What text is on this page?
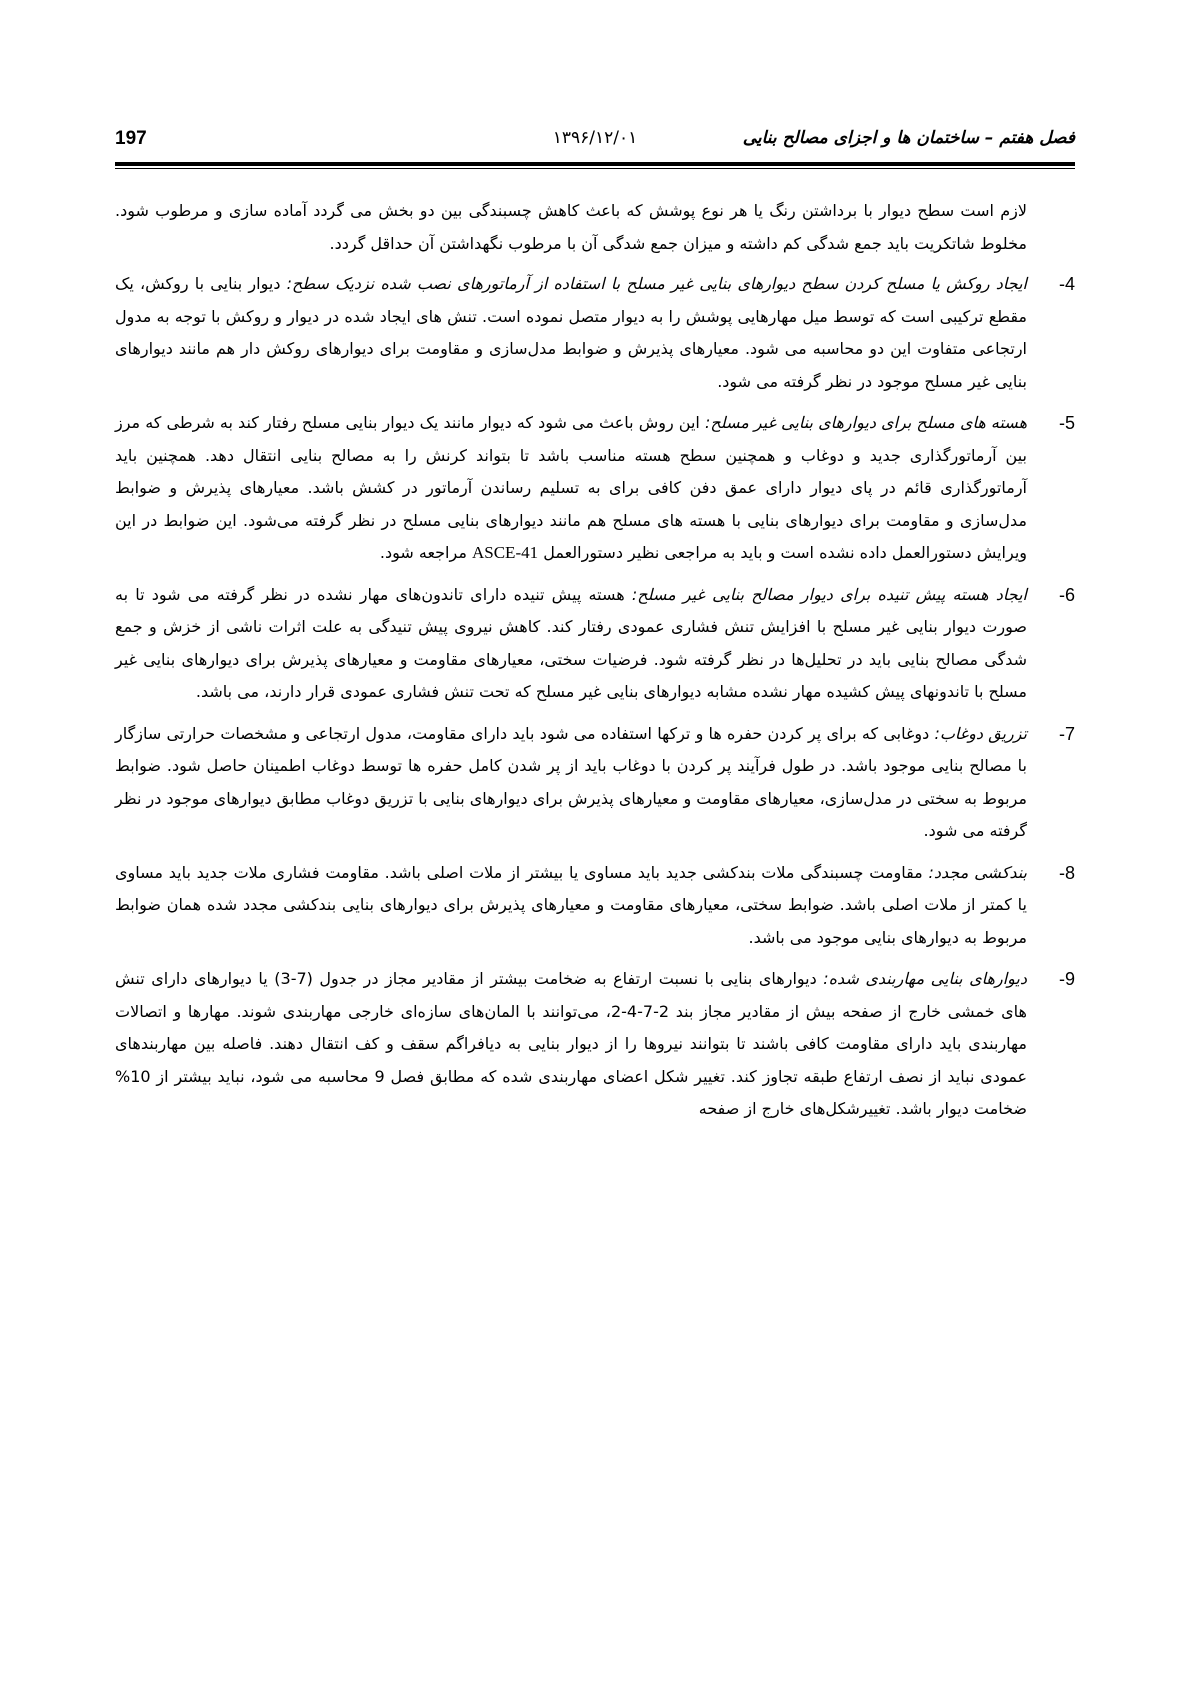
197	۱۳۹۶/۱۲/۰۱	فصل هفتم – ساختمان ها و اجزای مصالح بنایی

لازم است سطح دیوار با برداشتن رنگ یا هر نوع پوشش که باعث کاهش چسبندگی بین دو بخش می گردد آماده سازی و مرطوب شود. مخلوط شاتکریت باید جمع شدگی کم داشته و میزان جمع شدگی آن با مرطوب نگهداشتن آن حداقل گردد.

4-
ایجاد روکش یا مسلح کردن سطح دیوارهای بنایی غیر مسلح با استفاده از آرماتورهای نصب شده نزدیک سطح: دیوار بنایی با روکش، یک مقطع ترکیبی است که توسط میل مهارهایی پوشش را به دیوار متصل نموده است. تنش های ایجاد شده در دیوار و روکش با توجه به مدول ارتجاعی متفاوت این دو محاسبه می شود. معیارهای پذیرش و ضوابط مدل‌سازی و مقاومت برای دیوارهای روکش دار هم مانند دیوارهای بنایی غیر مسلح موجود در نظر گرفته می شود.
5-
هسته های مسلح برای دیوارهای بنایی غیر مسلح: این روش باعث می شود که دیوار مانند یک دیوار بنایی مسلح رفتار کند به شرطی که مرز بین آرماتورگذاری جدید و دوغاب و همچنین سطح هسته مناسب باشد تا بتواند کرنش را به مصالح بنایی انتقال دهد. همچنین باید آرماتورگذاری قائم در پای دیوار دارای عمق دفن کافی برای به تسلیم رساندن آرماتور در کشش باشد. معیارهای پذیرش و ضوابط مدل‌سازی و مقاومت برای دیوارهای بنایی با هسته های مسلح هم مانند دیوارهای بنایی مسلح در نظر گرفته می‌شود. این ضوابط در این ویرایش دستورالعمل داده نشده است و باید به مراجعی نظیر دستورالعمل ASCE-41 مراجعه شود.
6-
ایجاد هسته پیش تنیده برای دیوار مصالح بنایی غیر مسلح: هسته پیش تنیده دارای تاندون‌های مهار نشده در نظر گرفته می شود تا به صورت دیوار بنایی غیر مسلح با افزایش تنش فشاری عمودی رفتار کند. کاهش نیروی پیش تنیدگی به علت اثرات ناشی از خزش و جمع شدگی مصالح بنایی باید در تحلیل‌ها در نظر گرفته شود. فرضیات سختی، معیارهای مقاومت و معیارهای پذیرش برای دیوارهای بنایی غیر مسلح با تاندونهای پیش کشیده مهار نشده مشابه دیوارهای بنایی غیر مسلح که تحت تنش فشاری عمودی قرار دارند، می باشد.
7-
تزریق دوغاب: دوغابی که برای پر کردن حفره ها و ترکها استفاده می شود باید دارای مقاومت، مدول ارتجاعی و مشخصات حرارتی سازگار با مصالح بنایی موجود باشد. در طول فرآیند پر کردن با دوغاب باید از پر شدن کامل حفره ها توسط دوغاب اطمینان حاصل شود. ضوابط مربوط به سختی در مدل‌سازی، معیارهای مقاومت و معیارهای پذیرش برای دیوارهای بنایی با تزریق دوغاب مطابق دیوارهای موجود در نظر گرفته می شود.
8-
بندکشی مجدد: مقاومت چسبندگی ملات بندکشی جدید باید مساوی یا بیشتر از ملات اصلی باشد. مقاومت فشاری ملات جدید باید مساوی یا کمتر از ملات اصلی باشد. ضوابط سختی، معیارهای مقاومت و معیارهای پذیرش برای دیوارهای بنایی بندکشی مجدد شده همان ضوابط مربوط به دیوارهای بنایی موجود می باشد.
9-
دیوارهای بنایی مهاربندی شده: دیوارهای بنایی با نسبت ارتفاع به ضخامت بیشتر از مقادیر مجاز در جدول (7-3) یا دیوارهای دارای تنش های خمشی خارج از صفحه بیش از مقادیر مجاز بند 2-7-4-2، می‌توانند با المان‌های سازه‌ای خارجی مهاربندی شوند. مهارها و اتصالات مهاربندی باید دارای مقاومت کافی باشند تا بتوانند نیروها را از دیوار بنایی به دیافراگم سقف و کف انتقال دهند. فاصله بین مهاربندهای عمودی نباید از نصف ارتفاع طبقه تجاوز کند. تغییر شکل اعضای مهاربندی شده که مطابق فصل 9 محاسبه می شود، نباید بیشتر از 10% ضخامت دیوار باشد. تغییرشکل‌های خارج از صفحه
